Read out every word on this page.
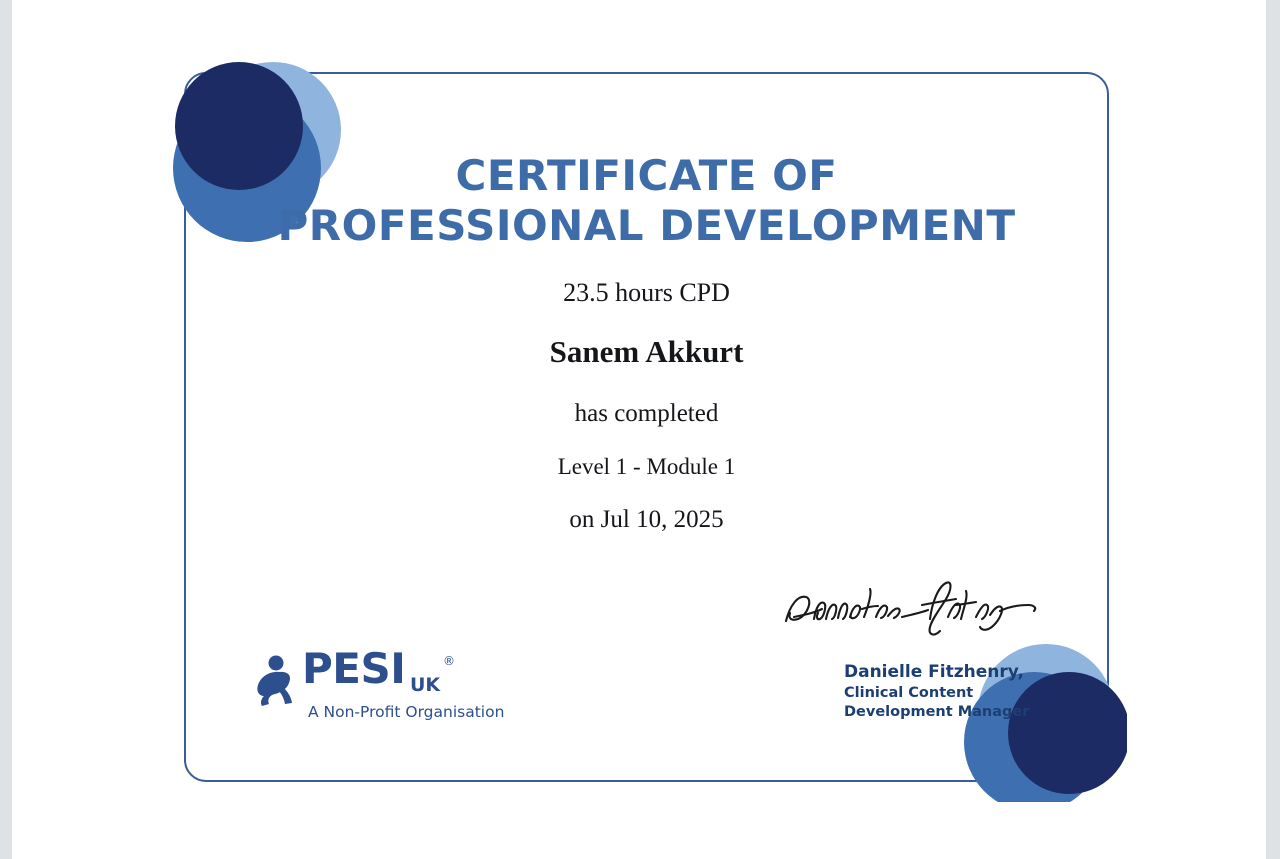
CERTIFICATE OF
PROFESSIONAL DEVELOPMENT

23.5 hours CPD

Sanem Akkurt

has completed

Level 1 - Module 1

on Jul 10, 2025

PESI	®
UK
A Non-Profit Organisation
Danielle Fitzhenry,
Clinical Content
Development Manager
